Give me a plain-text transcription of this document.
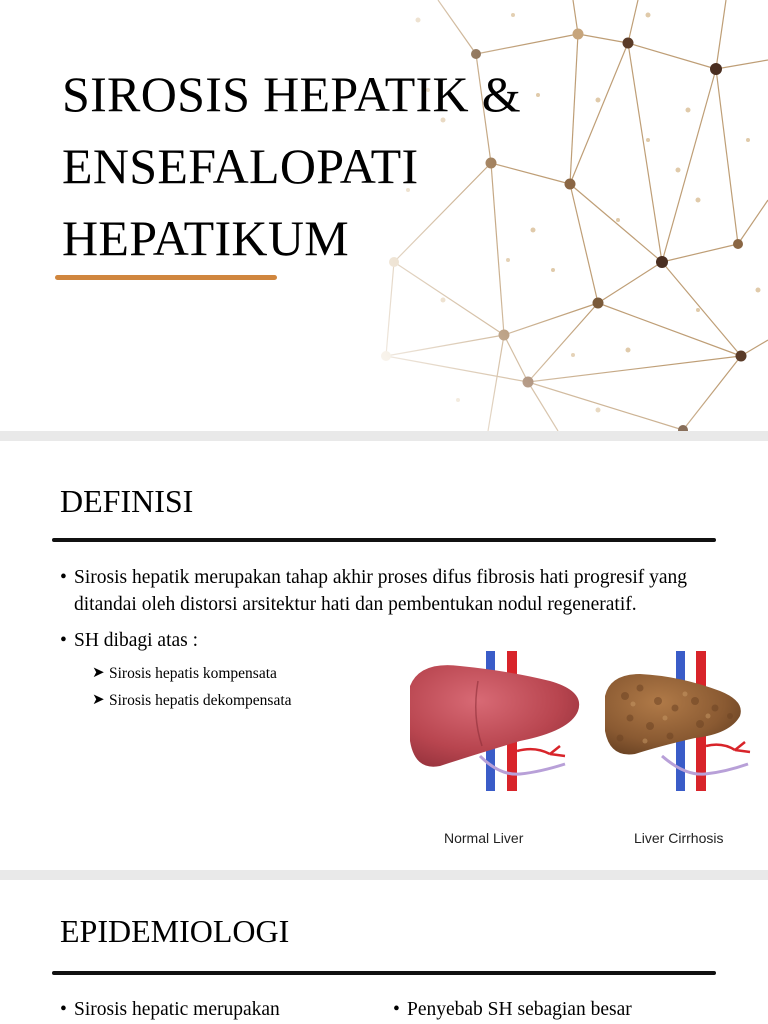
SIROSIS HEPATIK &
ENSEFALOPATI
HEPATIKUM
DEFINISI
• Sirosis hepatik merupakan tahap akhir proses difus fibrosis hati progresif yang ditandai oleh distorsi arsitektur hati dan pembentukan nodul regeneratif.
• SH dibagi atas :
➤ Sirosis hepatis kompensata
➤ Sirosis hepatis dekompensata
Normal Liver	Liver Cirrhosis
EPIDEMIOLOGI
• Sirosis hepatic merupakan
•	Penyebab SH sebagian besar
